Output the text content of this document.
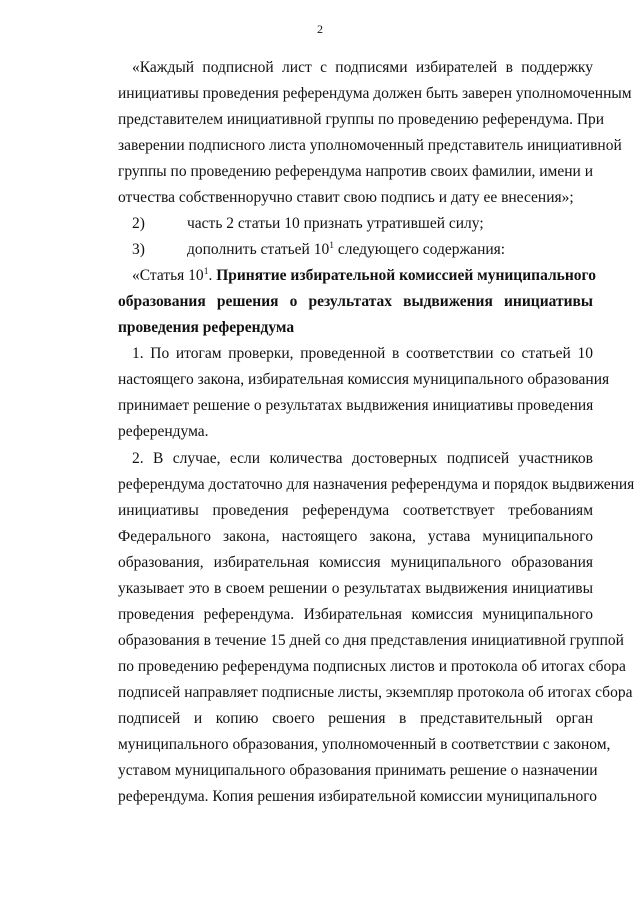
2
«Каждый подписной лист с подписями избирателей в поддержку
инициативы проведения референдума должен быть заверен уполномоченным
представителем инициативной группы по проведению референдума. При
заверении подписного листа уполномоченный представитель инициативной
группы по проведению референдума напротив своих фамилии, имени и
отчества собственноручно ставит свою подпись и дату ее внесения»;
2)	часть 2 статьи 10 признать утратившей силу;
3)	дополнить статьей $10^1$ следующего содержания:
«Статья $10^1$. Принятие избирательной комиссией муниципального
образования решения о результатах выдвижения инициативы
проведения референдума
1. По итогам проверки, проведенной в соответствии со статьей 10
настоящего закона, избирательная комиссия муниципального образования
принимает решение о результатах выдвижения инициативы проведения
референдума.
2. В случае, если количества достоверных подписей участников
референдума достаточно для назначения референдума и порядок выдвижения
инициативы проведения референдума соответствует требованиям
Федерального закона, настоящего закона, устава муниципального
образования, избирательная комиссия муниципального образования
указывает это в своем решении о результатах выдвижения инициативы
проведения референдума. Избирательная комиссия муниципального
образования в течение 15 дней со дня представления инициативной группой
по проведению референдума подписных листов и протокола об итогах сбора
подписей направляет подписные листы, экземпляр протокола об итогах сбора
подписей и копию своего решения в представительный орган
муниципального образования, уполномоченный в соответствии с законом,
уставом муниципального образования принимать решение о назначении
референдума. Копия решения избирательной комиссии муниципального
